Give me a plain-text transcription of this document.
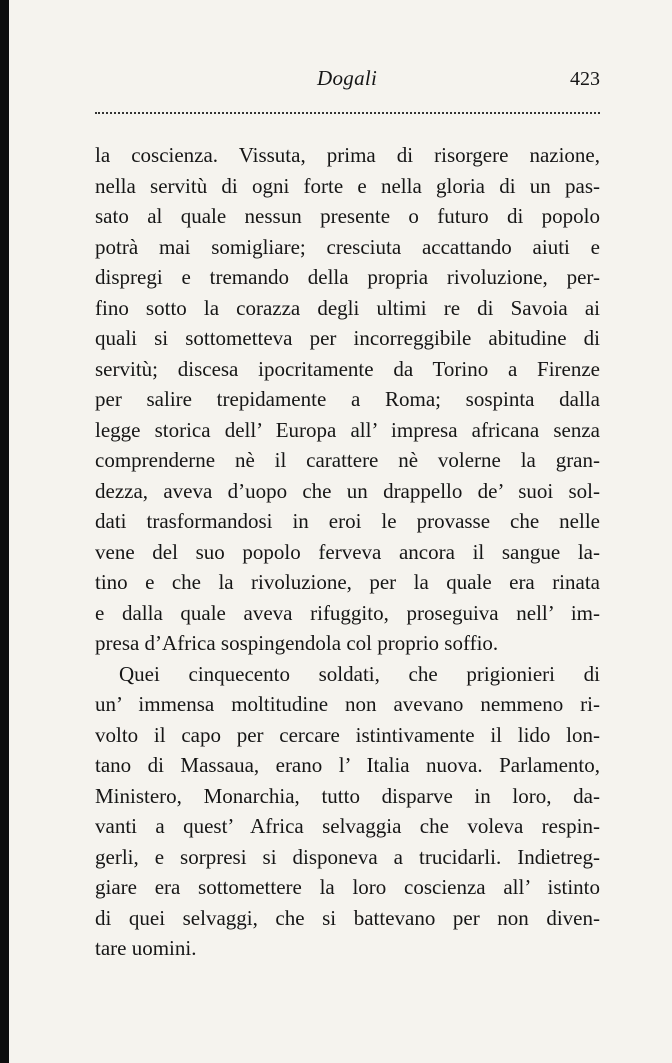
Dogali	423
la coscienza. Vissuta, prima di risorgere nazione,
nella servitù di ogni forte e nella gloria di un pas-
sato al quale nessun presente o futuro di popolo
potrà mai somigliare; cresciuta accattando aiuti e
dispregi e tremando della propria rivoluzione, per-
fino sotto la corazza degli ultimi re di Savoia ai
quali si sottometteva per incorreggibile abitudine di
servitù; discesa ipocritamente da Torino a Firenze
per salire trepidamente a Roma; sospinta dalla
legge storica dell’ Europa all’ impresa africana senza
comprenderne nè il carattere nè volerne la gran-
dezza, aveva d’uopo che un drappello de’ suoi sol-
dati trasformandosi in eroi le provasse che nelle
vene del suo popolo ferveva ancora il sangue la-
tino e che la rivoluzione, per la quale era rinata
e dalla quale aveva rifuggito, proseguiva nell’ im-
presa d’Africa sospingendola col proprio soffio.
Quei cinquecento soldati, che prigionieri di
un’ immensa moltitudine non avevano nemmeno ri-
volto il capo per cercare istintivamente il lido lon-
tano di Massaua, erano l’ Italia nuova. Parlamento,
Ministero, Monarchia, tutto disparve in loro, da-
vanti a quest’ Africa selvaggia che voleva respin-
gerli, e sorpresi si disponeva a trucidarli. Indietreg-
giare era sottomettere la loro coscienza all’ istinto
di quei selvaggi, che si battevano per non diven-
tare uomini.
